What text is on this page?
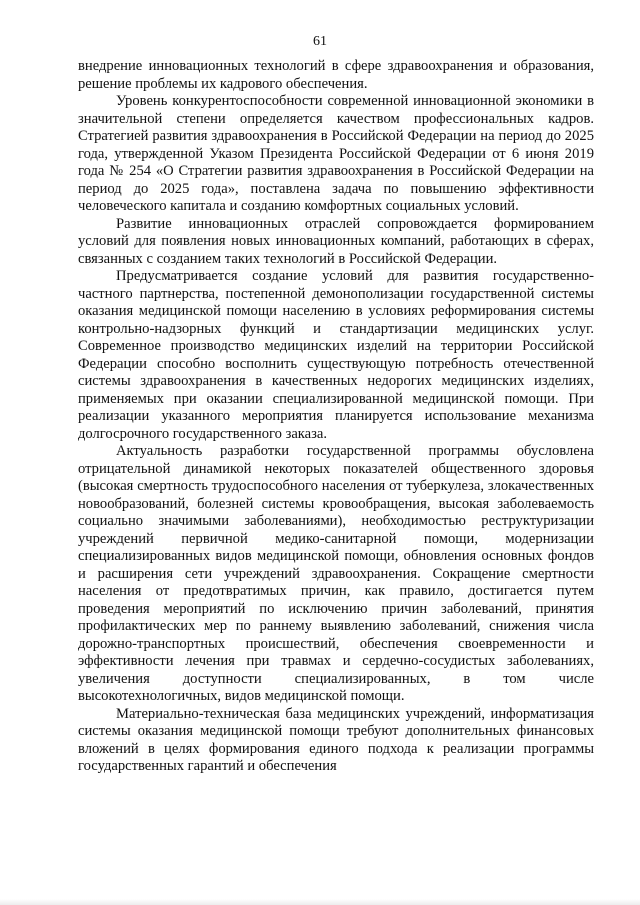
61

внедрение инновационных технологий в сфере здравоохранения и образования, решение проблемы их кадрового обеспечения.

Уровень конкурентоспособности современной инновационной экономики в значительной степени определяется качеством профессиональных кадров. Стратегией развития здравоохранения в Российской Федерации на период до 2025 года, утвержденной Указом Президента Российской Федерации от 6 июня 2019 года № 254 «О Стратегии развития здравоохранения в Российской Федерации на период до 2025 года», поставлена задача по повышению эффективности человеческого капитала и созданию комфортных социальных условий.

Развитие инновационных отраслей сопровождается формированием условий для появления новых инновационных компаний, работающих в сферах, связанных с созданием таких технологий в Российской Федерации.

Предусматривается создание условий для развития государственно-частного партнерства, постепенной демонополизации государственной системы оказания медицинской помощи населению в условиях реформирования системы контрольно-надзорных функций и стандартизации медицинских услуг. Современное производство медицинских изделий на территории Российской Федерации способно восполнить существующую потребность отечественной системы здравоохранения в качественных недорогих медицинских изделиях, применяемых при оказании специализированной медицинской помощи. При реализации указанного мероприятия планируется использование механизма долгосрочного государственного заказа.

Актуальность разработки государственной программы обусловлена отрицательной динамикой некоторых показателей общественного здоровья (высокая смертность трудоспособного населения от туберкулеза, злокачественных новообразований, болезней системы кровообращения, высокая заболеваемость социально значимыми заболеваниями), необходимостью реструктуризации учреждений первичной медико-санитарной помощи, модернизации специализированных видов медицинской помощи, обновления основных фондов и расширения сети учреждений здравоохранения. Сокращение смертности населения от предотвратимых причин, как правило, достигается путем проведения мероприятий по исключению причин заболеваний, принятия профилактических мер по раннему выявлению заболеваний, снижения числа дорожно-транспортных происшествий, обеспечения своевременности и эффективности лечения при травмах и сердечно-сосудистых заболеваниях, увеличения доступности специализированных, в том числе высокотехнологичных, видов медицинской помощи.

Материально-техническая база медицинских учреждений, информатизация системы оказания медицинской помощи требуют дополнительных финансовых вложений в целях формирования единого подхода к реализации программы государственных гарантий и обеспечения
